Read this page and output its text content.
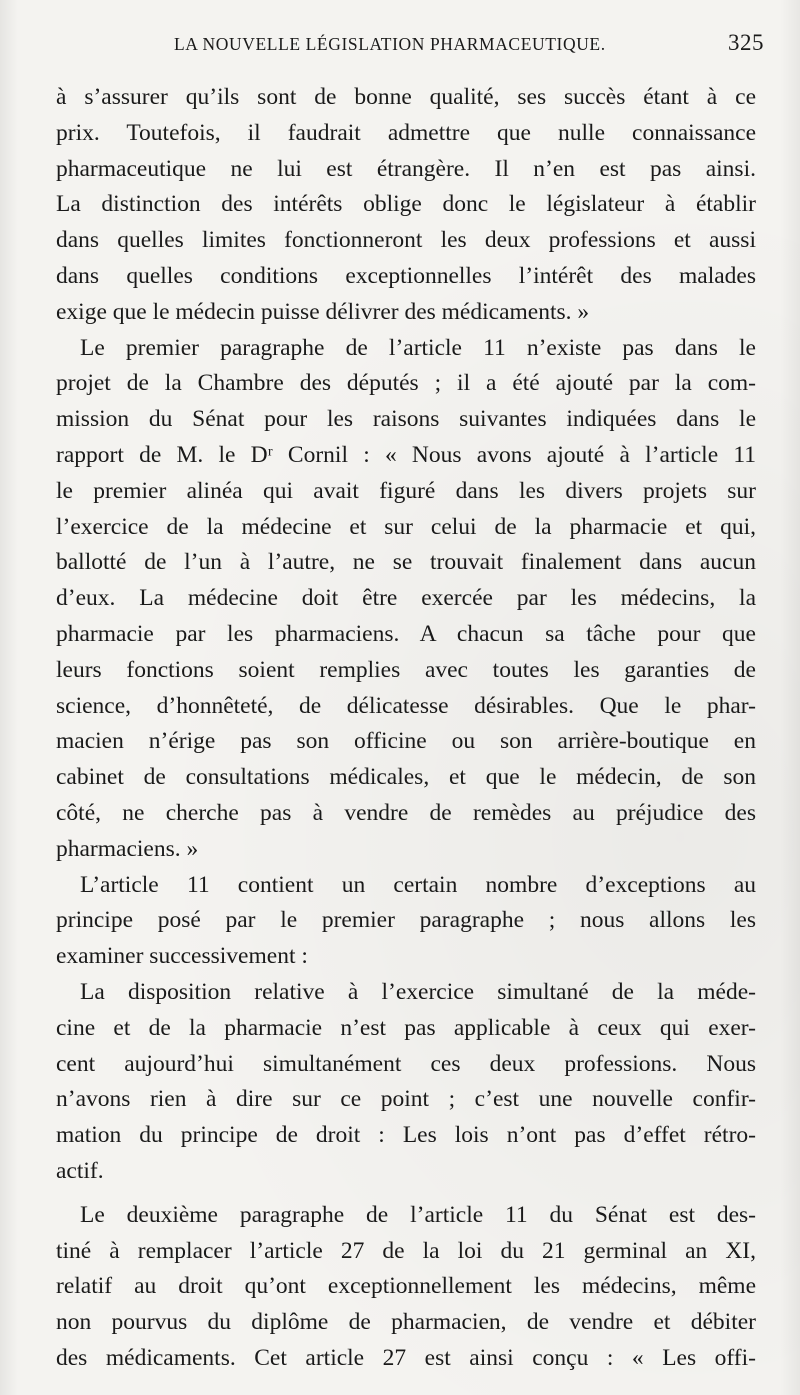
LA NOUVELLE LÉGISLATION PHARMACEUTIQUE.	325
à s’assurer qu’ils sont de bonne qualité, ses succès étant à ce
prix. Toutefois, il faudrait admettre que nulle connaissance
pharmaceutique ne lui est étrangère. Il n’en est pas ainsi.
La distinction des intérêts oblige donc le législateur à établir
dans quelles limites fonctionneront les deux professions et aussi
dans quelles conditions exceptionnelles l’intérêt des malades
exige que le médecin puisse délivrer des médicaments. »
Le premier paragraphe de l’article 11 n’existe pas dans le
projet de la Chambre des députés ; il a été ajouté par la com-
mission du Sénat pour les raisons suivantes indiquées dans le
rapport de M. le Dʳ Cornil : « Nous avons ajouté à l’article 11
le premier alinéa qui avait figuré dans les divers projets sur
l’exercice de la médecine et sur celui de la pharmacie et qui,
ballotté de l’un à l’autre, ne se trouvait finalement dans aucun
d’eux. La médecine doit être exercée par les médecins, la
pharmacie par les pharmaciens. A chacun sa tâche pour que
leurs fonctions soient remplies avec toutes les garanties de
science, d’honnêteté, de délicatesse désirables. Que le phar-
macien n’érige pas son officine ou son arrière-boutique en
cabinet de consultations médicales, et que le médecin, de son
côté, ne cherche pas à vendre de remèdes au préjudice des
pharmaciens. »
L’article 11 contient un certain nombre d’exceptions au
principe posé par le premier paragraphe ; nous allons les
examiner successivement :
La disposition relative à l’exercice simultané de la méde-
cine et de la pharmacie n’est pas applicable à ceux qui exer-
cent aujourd’hui simultanément ces deux professions. Nous
n’avons rien à dire sur ce point ; c’est une nouvelle confir-
mation du principe de droit : Les lois n’ont pas d’effet rétro-
actif.
Le deuxième paragraphe de l’article 11 du Sénat est des-
tiné à remplacer l’article 27 de la loi du 21 germinal an XI,
relatif au droit qu’ont exceptionnellement les médecins, même
non pourvus du diplôme de pharmacien, de vendre et débiter
des médicaments. Cet article 27 est ainsi conçu : « Les offi-
